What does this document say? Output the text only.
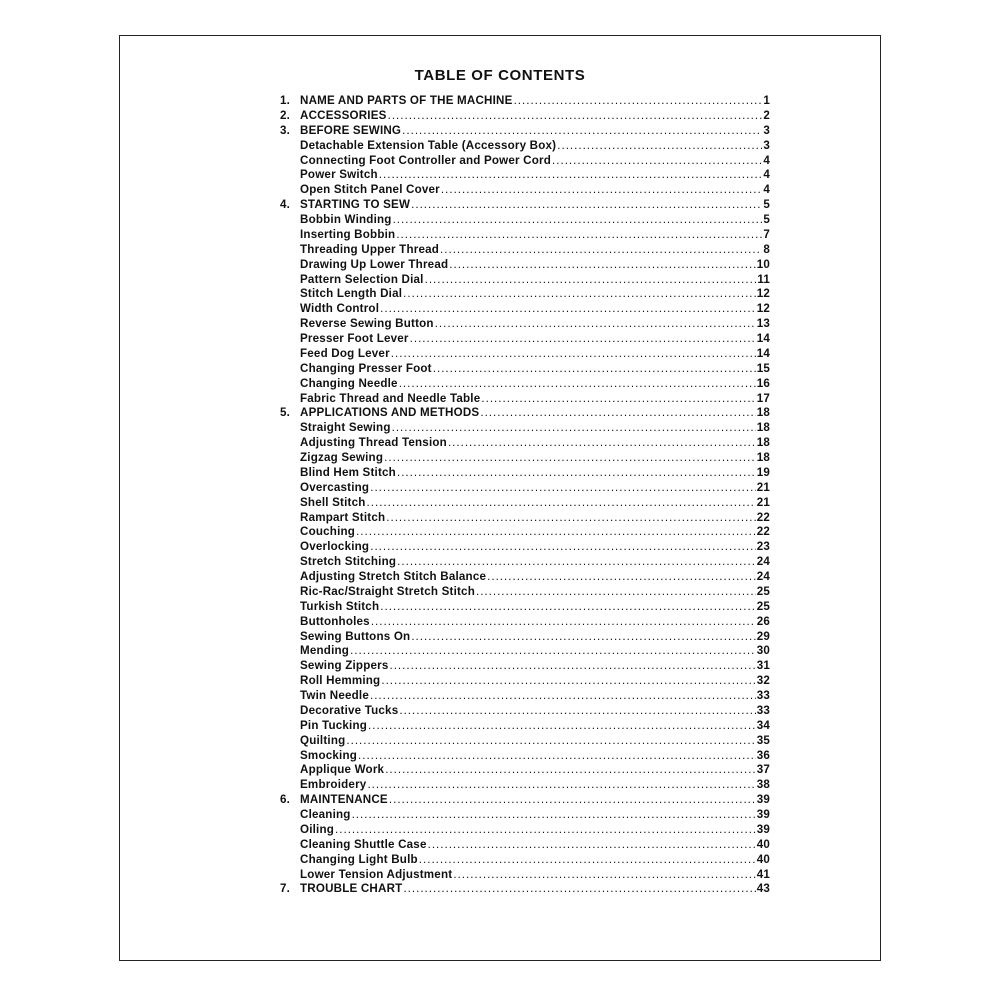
TABLE OF CONTENTS
1. NAME AND PARTS OF THE MACHINE .....	1
2. ACCESSORIES .....	2
3. BEFORE SEWING .....	3
Detachable Extension Table (Accessory Box) .....	3
Connecting Foot Controller and Power Cord .....	4
Power Switch .....	4
Open Stitch Panel Cover .....	4
4. STARTING TO SEW .....	5
Bobbin Winding .....	5
Inserting Bobbin .....	7
Threading Upper Thread .....	8
Drawing Up Lower Thread .....	10
Pattern Selection Dial .....	11
Stitch Length Dial .....	12
Width Control .....	12
Reverse Sewing Button .....	13
Presser Foot Lever .....	14
Feed Dog Lever .....	14
Changing Presser Foot .....	15
Changing Needle .....	16
Fabric Thread and Needle Table .....	17
5. APPLICATIONS AND METHODS .....	18
Straight Sewing .....	18
Adjusting Thread Tension .....	18
Zigzag Sewing .....	18
Blind Hem Stitch .....	19
Overcasting .....	21
Shell Stitch .....	21
Rampart Stitch .....	22
Couching .....	22
Overlocking .....	23
Stretch Stitching .....	24
Adjusting Stretch Stitch Balance .....	24
Ric-Rac/Straight Stretch Stitch .....	25
Turkish Stitch .....	25
Buttonholes .....	26
Sewing Buttons On .....	29
Mending .....	30
Sewing Zippers .....	31
Roll Hemming .....	32
Twin Needle .....	33
Decorative Tucks .....	33
Pin Tucking .....	34
Quilting .....	35
Smocking .....	36
Applique Work .....	37
Embroidery .....	38
6. MAINTENANCE .....	39
Cleaning .....	39
Oiling .....	39
Cleaning Shuttle Case .....	40
Changing Light Bulb .....	40
Lower Tension Adjustment .....	41
7. TROUBLE CHART .....	43
